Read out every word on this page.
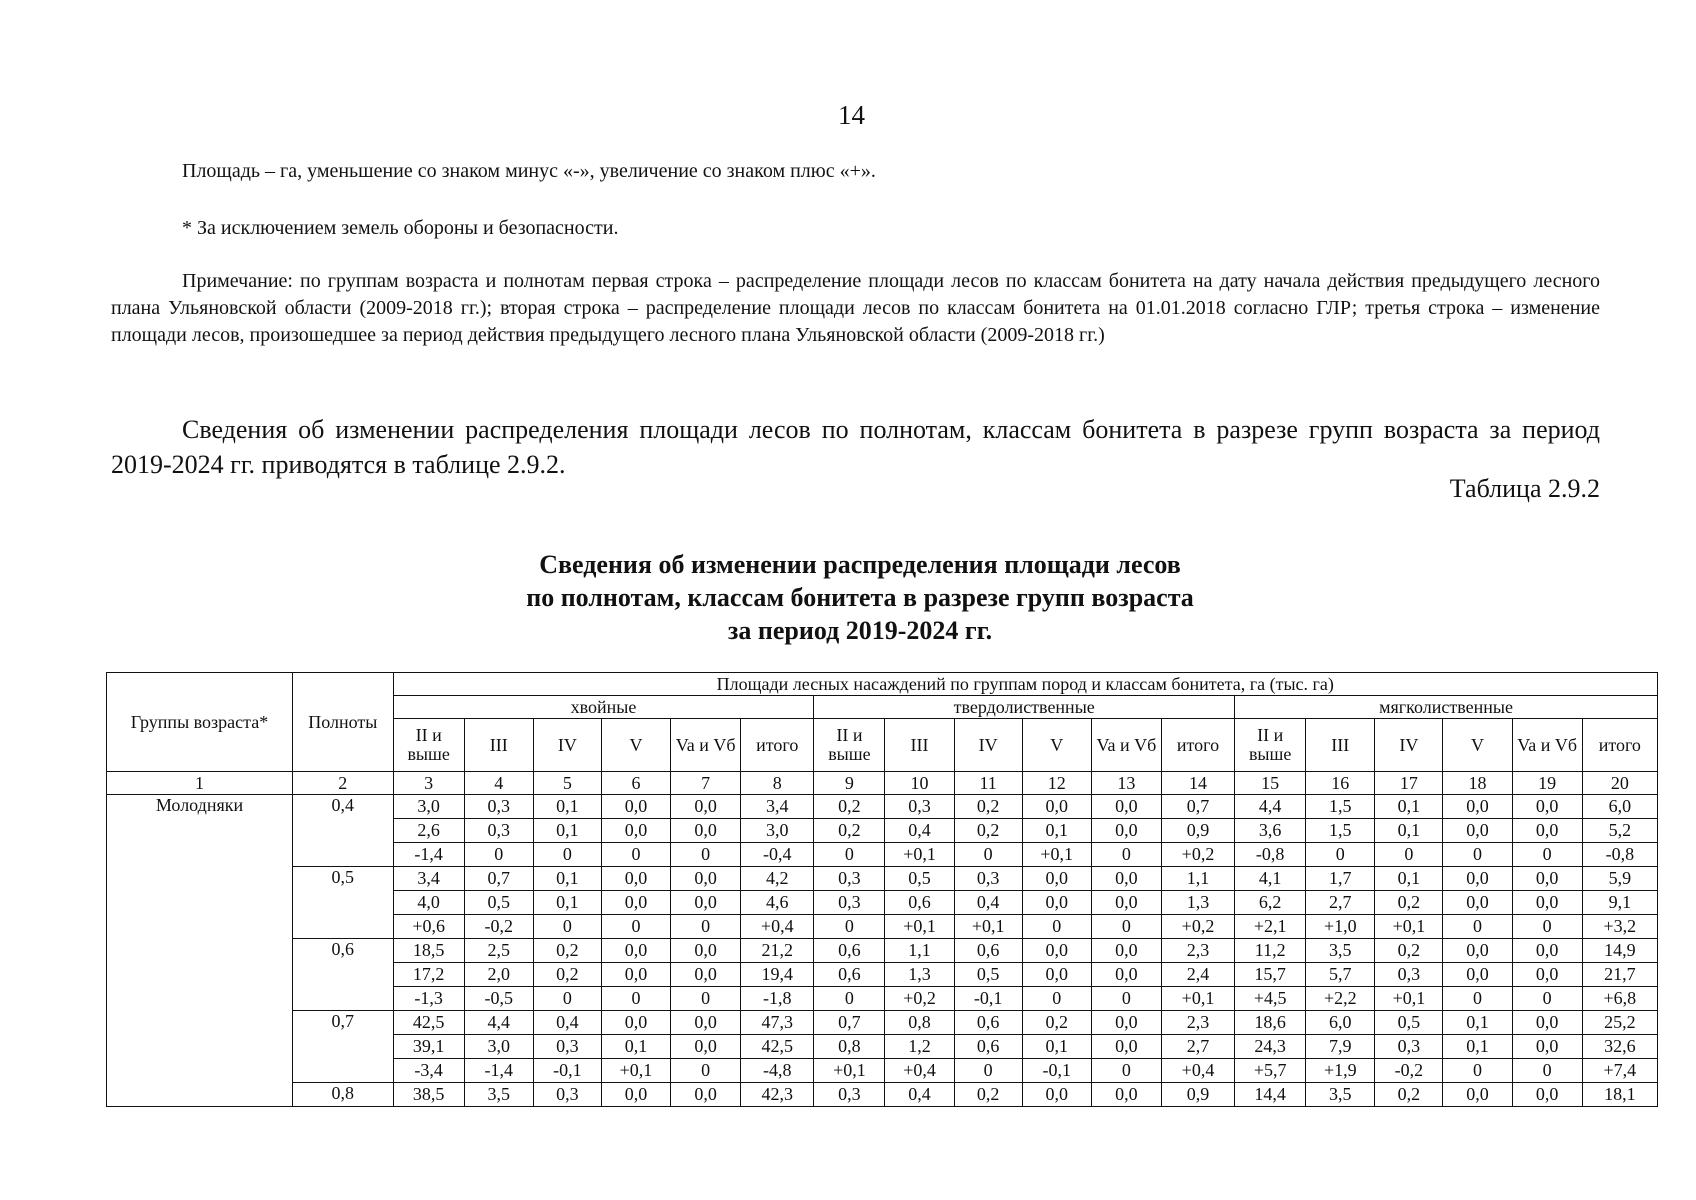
14
Площадь – га, уменьшение со знаком минус «-», увеличение со знаком плюс «+».
* За исключением земель обороны и безопасности.
Примечание: по группам возраста и полнотам первая строка – распределение площади лесов по классам бонитета на дату начала действия предыдущего лесного плана Ульяновской области (2009-2018 гг.); вторая строка – распределение площади лесов по классам бонитета на 01.01.2018 согласно ГЛР; третья строка – изменение площади лесов, произошедшее за период действия предыдущего лесного плана Ульяновской области (2009-2018 гг.)
Сведения об изменении распределения площади лесов по полнотам, классам бонитета в разрезе групп возраста за период 2019-2024 гг. приводятся в таблице 2.9.2.
Таблица 2.9.2
Сведения об изменении распределения площади лесов
по полнотам, классам бонитета в разрезе групп возраста
за период 2019-2024 гг.
Группы возраста*	Полноты	Площади лесных насаждений по группам пород и классам бонитета, га (тыс. га)																	
		хвойные						твердолиственные						мягколиственные					
		II и выше	III	IV	V	Va и Vб	итого	II и выше	III	IV	V	Va и Vб	итого	II и выше	III	IV	V	Va и Vб	итого
1	2	3	4	5	6	7	8	9	10	11	12	13	14	15	16	17	18	19	20
Молодняки	0,4	3,0	0,3	0,1	0,0	0,0	3,4	0,2	0,3	0,2	0,0	0,0	0,7	4,4	1,5	0,1	0,0	0,0	6,0
		2,6	0,3	0,1	0,0	0,0	3,0	0,2	0,4	0,2	0,1	0,0	0,9	3,6	1,5	0,1	0,0	0,0	5,2
		-1,4	0	0	0	0	-0,4	0	+0,1	0	+0,1	0	+0,2	-0,8	0	0	0	0	-0,8
	0,5	3,4	0,7	0,1	0,0	0,0	4,2	0,3	0,5	0,3	0,0	0,0	1,1	4,1	1,7	0,1	0,0	0,0	5,9
		4,0	0,5	0,1	0,0	0,0	4,6	0,3	0,6	0,4	0,0	0,0	1,3	6,2	2,7	0,2	0,0	0,0	9,1
		+0,6	-0,2	0	0	0	+0,4	0	+0,1	+0,1	0	0	+0,2	+2,1	+1,0	+0,1	0	0	+3,2
	0,6	18,5	2,5	0,2	0,0	0,0	21,2	0,6	1,1	0,6	0,0	0,0	2,3	11,2	3,5	0,2	0,0	0,0	14,9
		17,2	2,0	0,2	0,0	0,0	19,4	0,6	1,3	0,5	0,0	0,0	2,4	15,7	5,7	0,3	0,0	0,0	21,7
		-1,3	-0,5	0	0	0	-1,8	0	+0,2	-0,1	0	0	+0,1	+4,5	+2,2	+0,1	0	0	+6,8
	0,7	42,5	4,4	0,4	0,0	0,0	47,3	0,7	0,8	0,6	0,2	0,0	2,3	18,6	6,0	0,5	0,1	0,0	25,2
		39,1	3,0	0,3	0,1	0,0	42,5	0,8	1,2	0,6	0,1	0,0	2,7	24,3	7,9	0,3	0,1	0,0	32,6
		-3,4	-1,4	-0,1	+0,1	0	-4,8	+0,1	+0,4	0	-0,1	0	+0,4	+5,7	+1,9	-0,2	0	0	+7,4
	0,8	38,5	3,5	0,3	0,0	0,0	42,3	0,3	0,4	0,2	0,0	0,0	0,9	14,4	3,5	0,2	0,0	0,0	18,1
